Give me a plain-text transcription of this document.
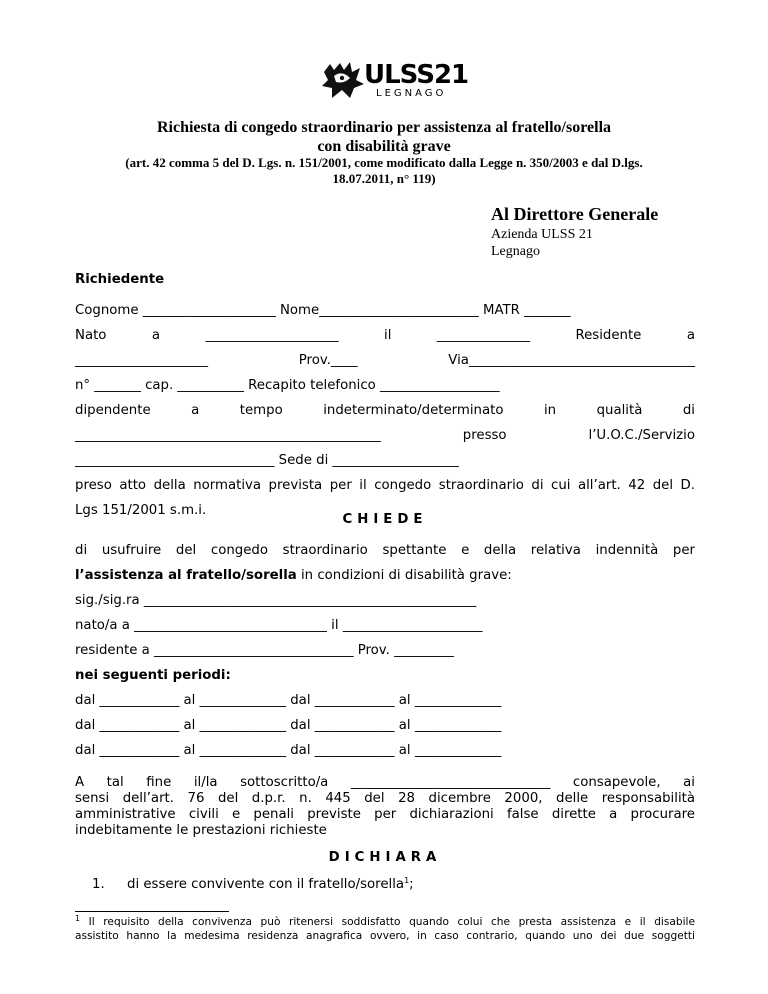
ULSS21
LEGNAGO
Richiesta di congedo straordinario per assistenza al fratello/sorella
con disabilità grave
(art. 42 comma 5 del D. Lgs. n. 151/2001, come modificato dalla Legge n. 350/2003 e dal D.lgs.
18.07.2011, n° 119)
Al Direttore Generale
Azienda ULSS 21
Legnago
Richiedente
Cognome ____________________ Nome________________________ MATR _______
Nato a ____________________ il ______________ Residente a
____________________ Prov.____ Via__________________________________
n° _______ cap. __________ Recapito telefonico __________________
dipendente a tempo indeterminato/determinato in qualità di
______________________________________________ presso l’U.O.C./Servizio
______________________________ Sede di ___________________
preso atto della normativa prevista per il congedo straordinario di cui all’art. 42 del D.
Lgs 151/2001 s.m.i.
CHIEDE
di usufruire del congedo straordinario spettante e della relativa indennità per
l’assistenza al fratello/sorella in condizioni di disabilità grave:
sig./sig.ra __________________________________________________
nato/a a _____________________________ il _____________________
residente a ______________________________ Prov. _________
nei seguenti periodi:
dal ____________ al _____________ dal ____________ al _____________
dal ____________ al _____________ dal ____________ al _____________
dal ____________ al _____________ dal ____________ al _____________
A tal fine il/la sottoscritto/a ______________________________ consapevole, ai
sensi dell’art. 76 del d.p.r. n. 445 del 28 dicembre 2000, delle responsabilità
amministrative civili e penali previste per dichiarazioni false dirette a procurare
indebitamente le prestazioni richieste
DICHIARA
1. di essere convivente con il fratello/sorella$^1$;
$^1$ Il requisito della convivenza può ritenersi soddisfatto quando colui che presta assistenza e il disabile
assistito hanno la medesima residenza anagrafica ovvero, in caso contrario, quando uno dei due soggetti
